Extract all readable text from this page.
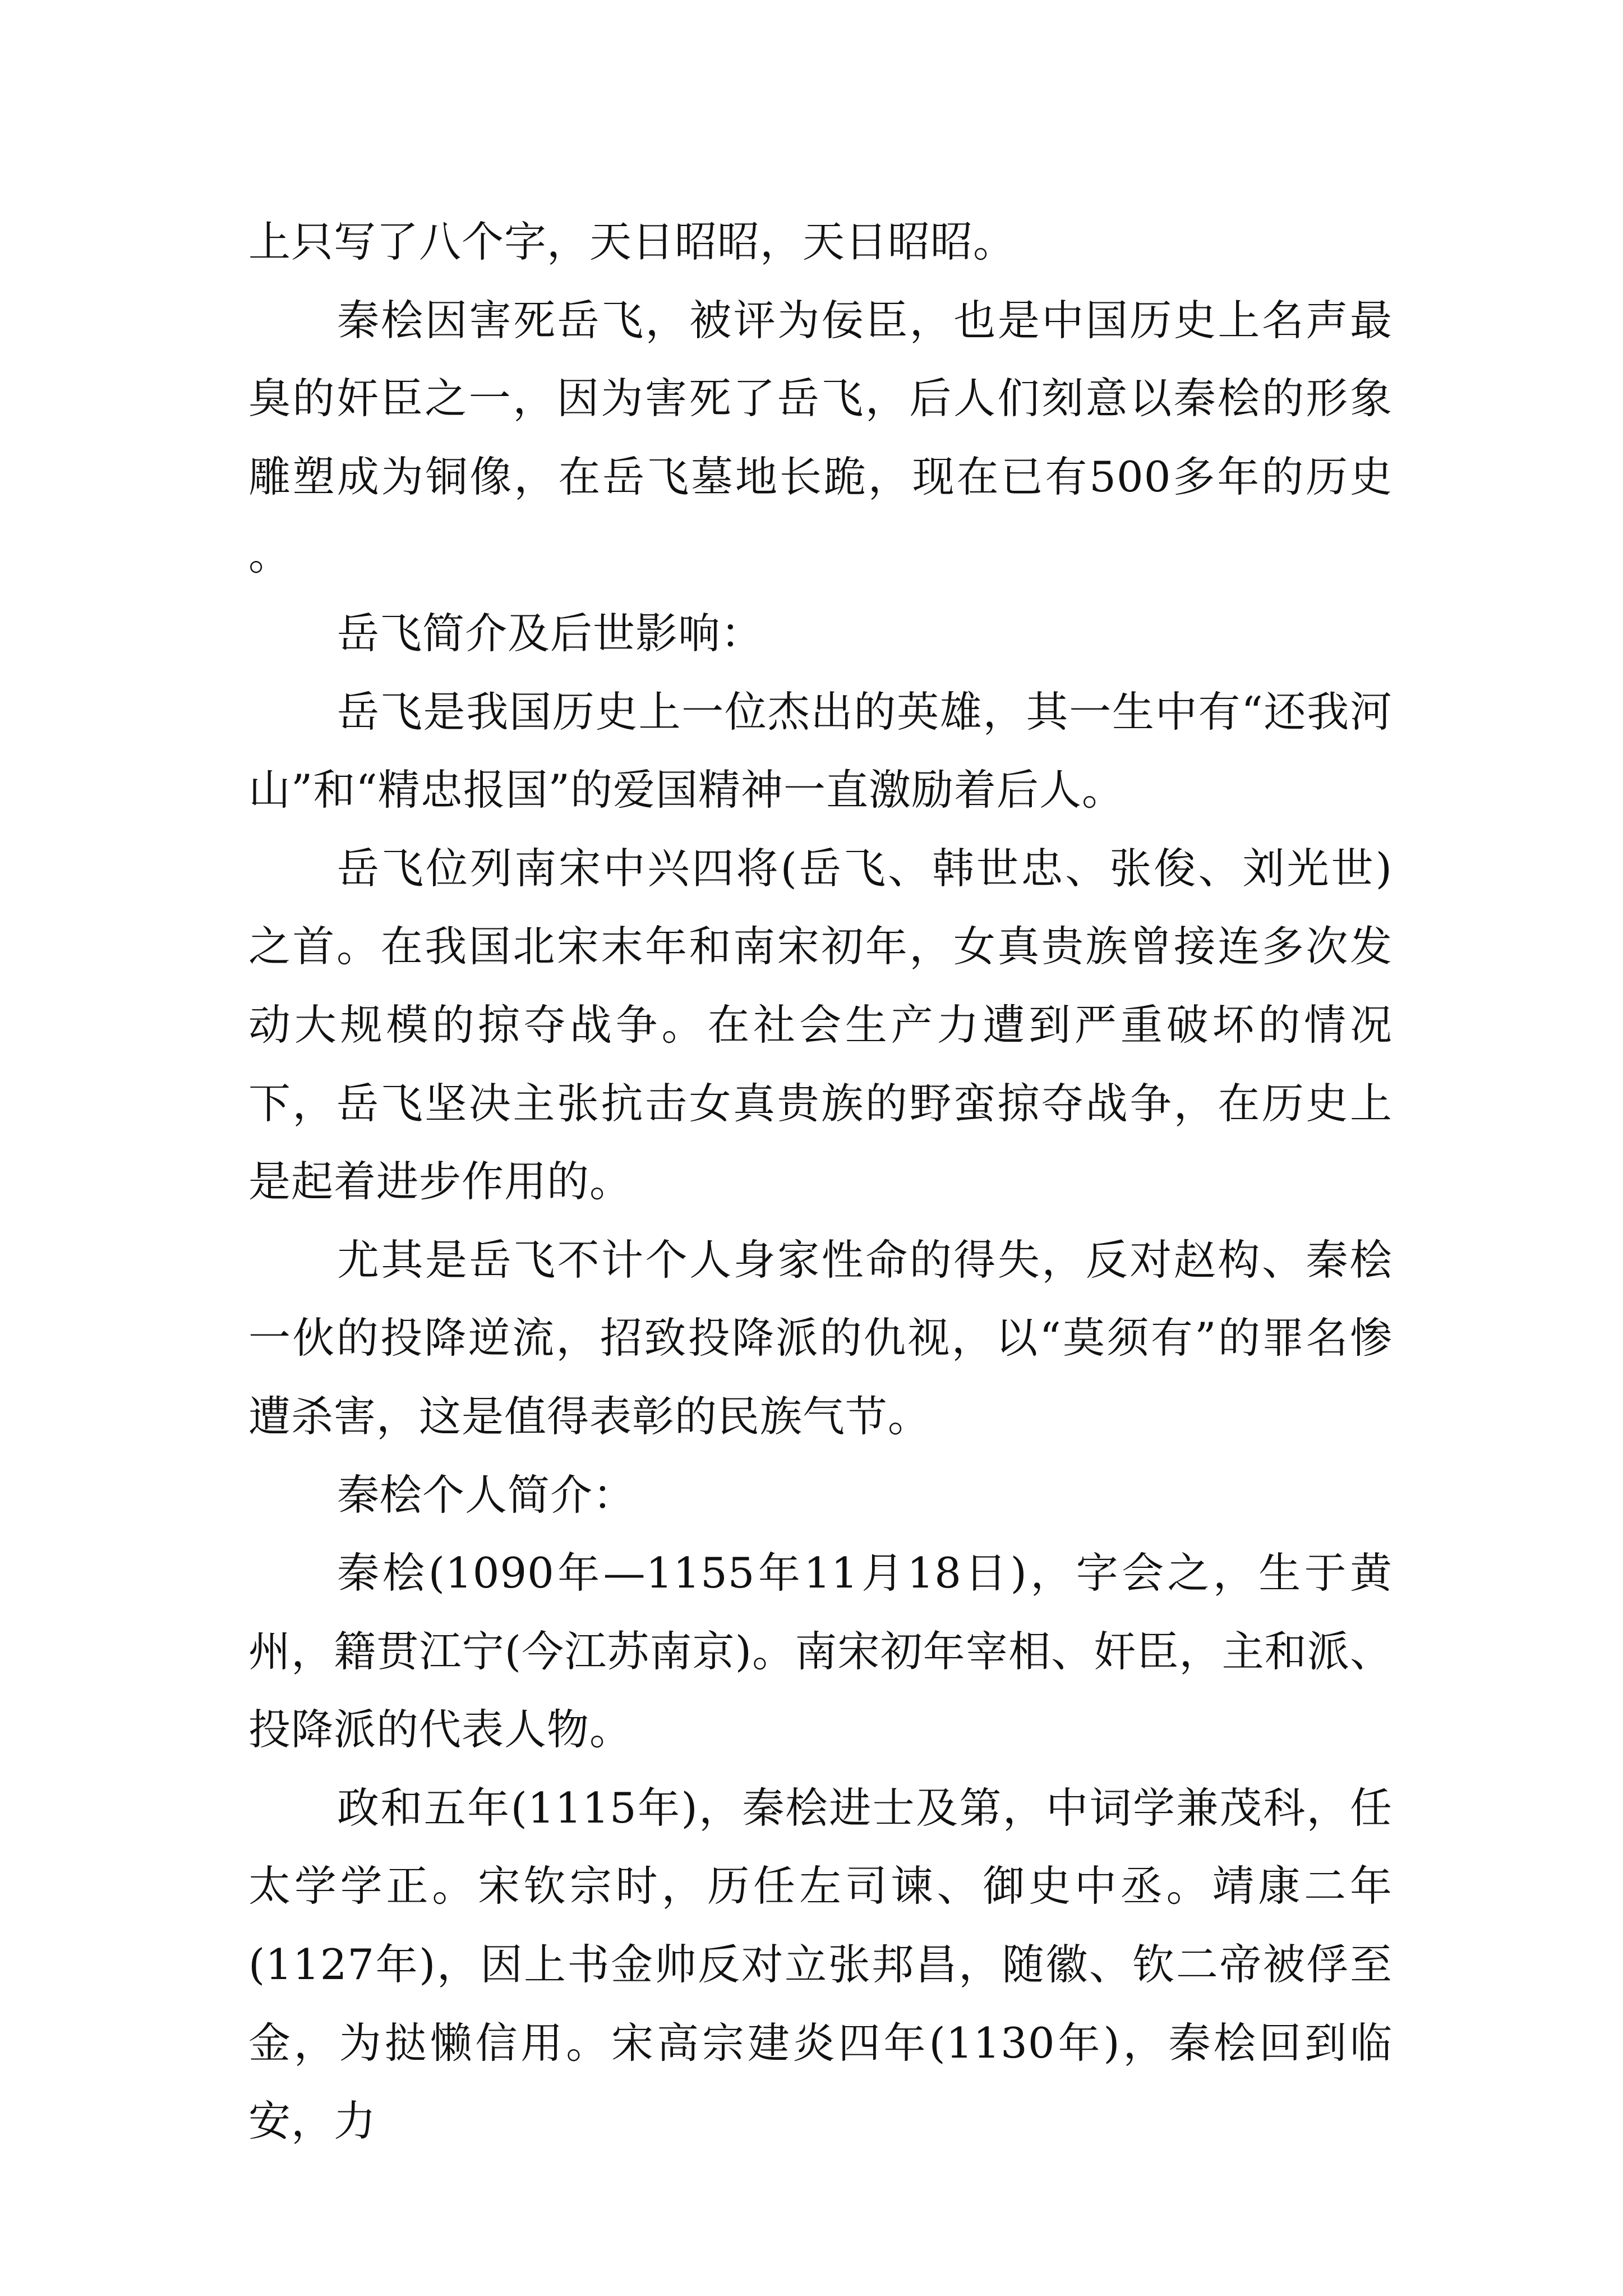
上只写了八个字，天日昭昭，天日昭昭。

秦桧因害死岳飞，被评为佞臣，也是中国历史上名声最臭的奸臣之一，因为害死了岳飞，后人们刻意以秦桧的形象雕塑成为铜像，在岳飞墓地长跪，现在已有500多年的历史 。

岳飞简介及后世影响：

岳飞是我国历史上一位杰出的英雄，其一生中有“还我河山”和“精忠报国”的爱国精神一直激励着后人。

岳飞位列南宋中兴四将(岳飞、韩世忠、张俊、刘光世)之首。在我国北宋末年和南宋初年，女真贵族曾接连多次发动大规模的掠夺战争。在社会生产力遭到严重破坏的情况下，岳飞坚决主张抗击女真贵族的野蛮掠夺战争，在历史上是起着进步作用的。

尤其是岳飞不计个人身家性命的得失，反对赵构、秦桧一伙的投降逆流，招致投降派的仇视，以“莫须有”的罪名惨遭杀害，这是值得表彰的民族气节。

秦桧个人简介：

秦桧(1090年—1155年11月18日)，字会之，生于黄州，籍贯江宁(今江苏南京)。南宋初年宰相、奸臣，主和派、投降派的代表人物。

政和五年(1115年)，秦桧进士及第，中词学兼茂科，任太学学正。宋钦宗时，历任左司谏、御史中丞。靖康二年(1127年)，因上书金帅反对立张邦昌，随徽、钦二帝被俘至金，为挞懒信用。宋高宗建炎四年(1130年)，秦桧回到临安，力
